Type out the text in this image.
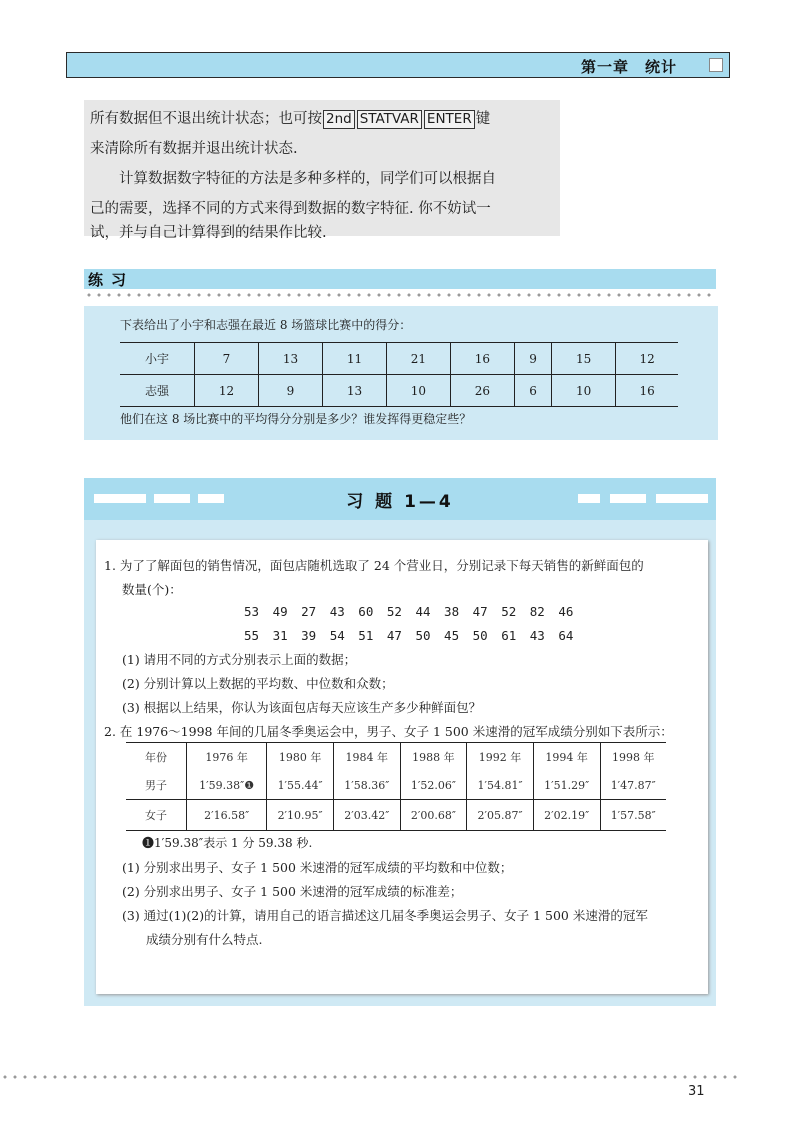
第一章　统计

所有数据但不退出统计状态；也可按 2nd STATVAR ENTER 键

来清除所有数据并退出统计状态.

　　计算数据数字特征的方法是多种多样的，同学们可以根据自

己的需要，选择不同的方式来得到数据的数字特征. 你不妨试一

试，并与自己计算得到的结果作比较.

练习
下表给出了小宇和志强在最近 8 场篮球比赛中的得分：
小宇	7	13	11	21	16	9	15	12
志强	12	9	13	10	26	6	10	16
他们在这 8 场比赛中的平均得分分别是多少？谁发挥得更稳定些？
习 题 1—4
1. 为了了解面包的销售情况，面包店随机选取了 24 个营业日，分别记录下每天销售的新鲜面包的
数量(个)：
53 49 27 43 60 52 44 38 47 52 82 46
55 31 39 54 51 47 50 45 50 61 43 64
(1) 请用不同的方式分别表示上面的数据；
(2) 分别计算以上数据的平均数、中位数和众数；
(3) 根据以上结果，你认为该面包店每天应该生产多少种鲜面包？
2. 在 1976～1998 年间的几届冬季奥运会中，男子、女子 1 500 米速滑的冠军成绩分别如下表所示：
年份	1976 年	1980 年	1984 年	1988 年	1992 年	1994 年	1998 年
男子	1′59.38″❶	1′55.44″	1′58.36″	1′52.06″	1′54.81″	1′51.29″	1′47.87″
女子	2′16.58″	2′10.95″	2′03.42″	2′00.68″	2′05.87″	2′02.19″	1′57.58″
❶1′59.38″表示 1 分 59.38 秒.
(1) 分别求出男子、女子 1 500 米速滑的冠军成绩的平均数和中位数；
(2) 分别求出男子、女子 1 500 米速滑的冠军成绩的标准差；
(3) 通过(1)(2)的计算，请用自己的语言描述这几届冬季奥运会男子、女子 1 500 米速滑的冠军
成绩分别有什么特点.
31
